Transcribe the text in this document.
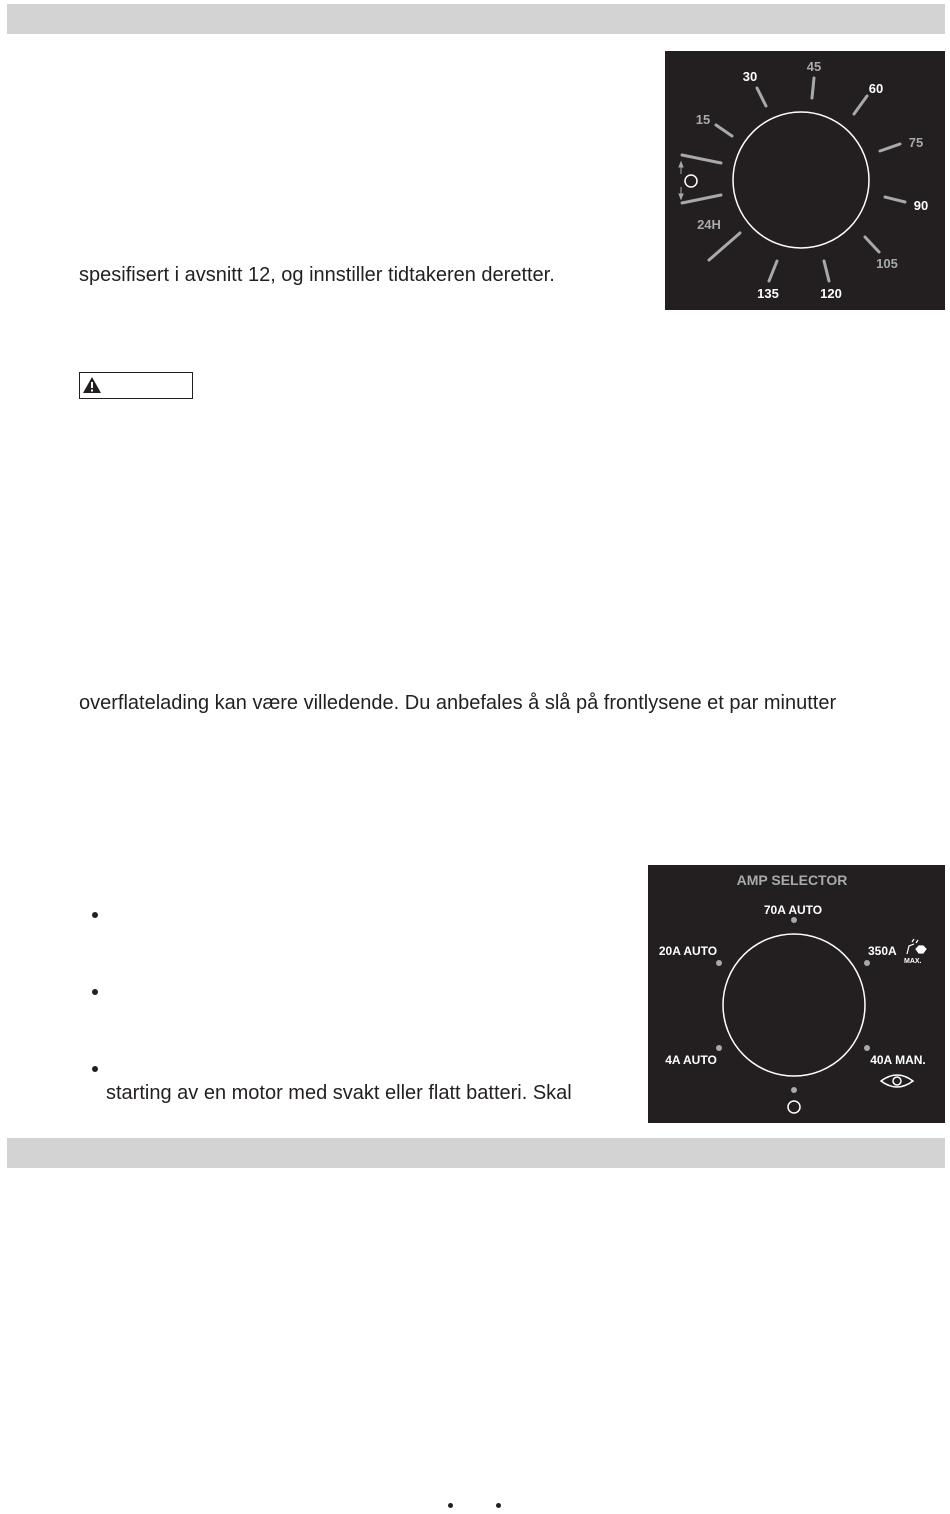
45
30
60
15
75
90
24H
105
135	120
spesifisert i avsnitt 12, og innstiller tidtakeren deretter.
overflatelading kan være villedende. Du anbefales å slå på frontlysene et par minutter
starting av en motor med svakt eller flatt batteri. Skal
AMP SELECTOR
70A AUTO
20A AUTO	350A
4A AUTO	40A MAN.
MAX.
